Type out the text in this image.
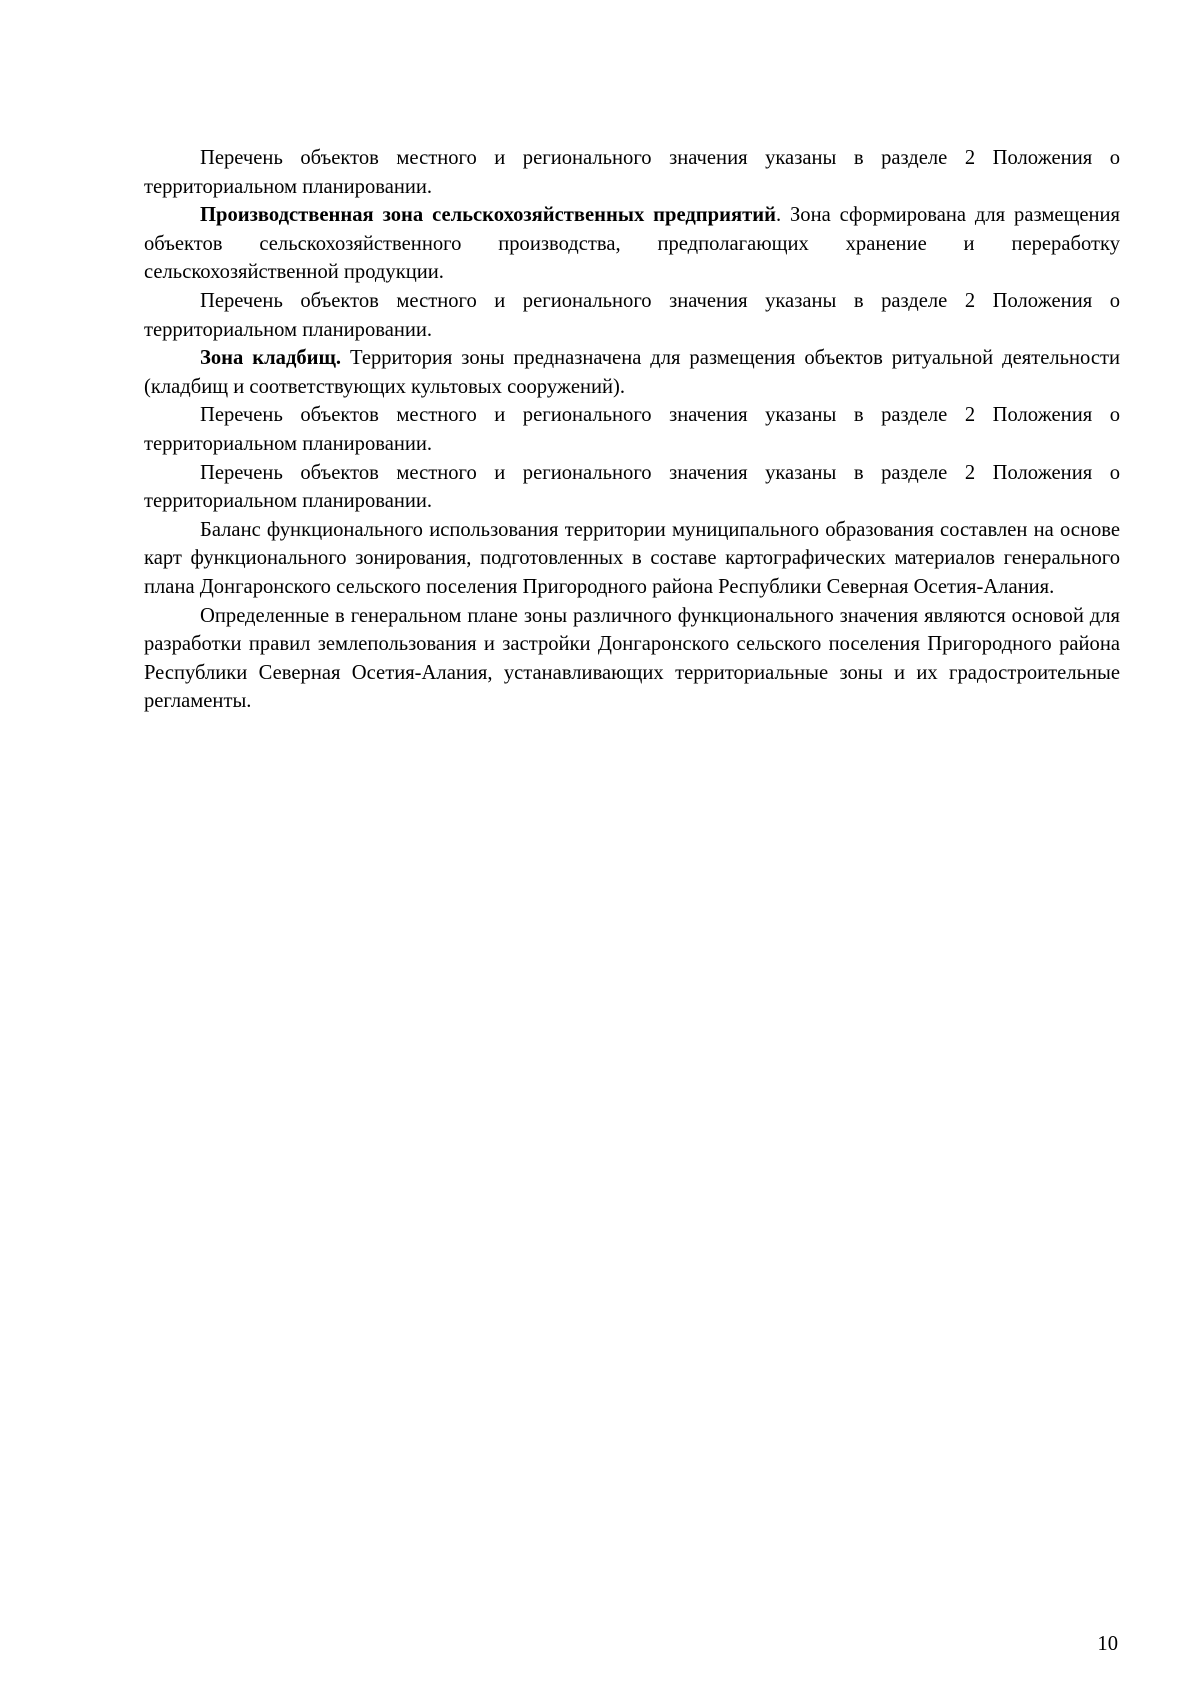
Перечень объектов местного и регионального значения указаны в разделе 2 Положения о территориальном планировании.

Производственная зона сельскохозяйственных предприятий. Зона сформирована для размещения объектов сельскохозяйственного производства, предполагающих хранение и переработку сельскохозяйственной продукции.

Перечень объектов местного и регионального значения указаны в разделе 2 Положения о территориальном планировании.

Зона кладбищ. Территория зоны предназначена для размещения объектов ритуальной деятельности (кладбищ и соответствующих культовых сооружений).

Перечень объектов местного и регионального значения указаны в разделе 2 Положения о территориальном планировании.

Перечень объектов местного и регионального значения указаны в разделе 2 Положения о территориальном планировании.

Баланс функционального использования территории муниципального образования составлен на основе карт функционального зонирования, подготовленных в составе картографических материалов генерального плана Донгаронского сельского поселения Пригородного района Республики Северная Осетия-Алания.

Определенные в генеральном плане зоны различного функционального значения являются основой для разработки правил землепользования и застройки Донгаронского сельского поселения Пригородного района Республики Северная Осетия-Алания, устанавливающих территориальные зоны и их градостроительные регламенты.

10
